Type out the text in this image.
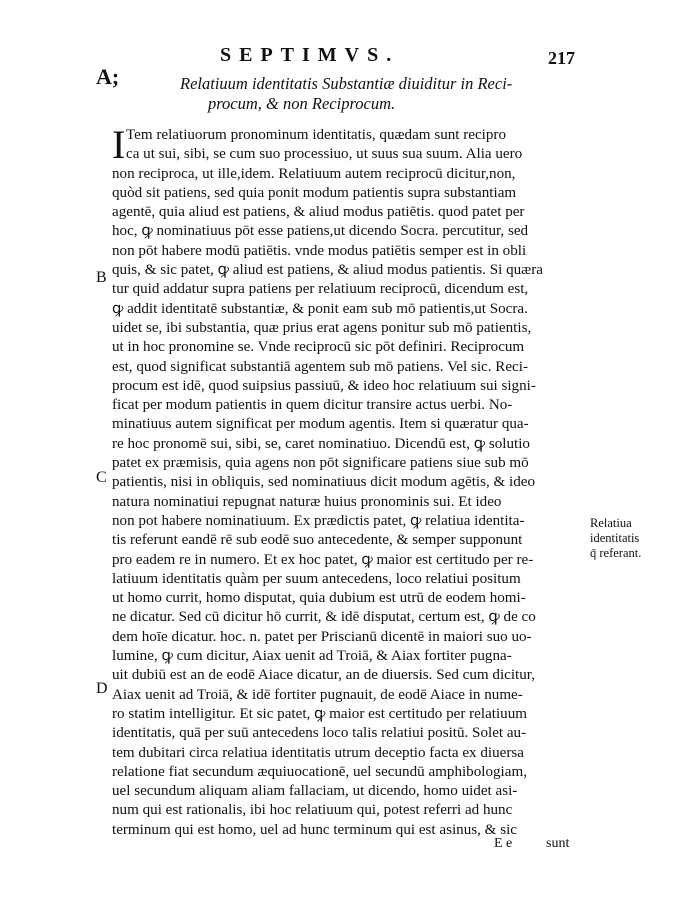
SEPTIMVS.	217
A;	Relatiuum identitatis Substantiæ diuiditur in Reci-
procum, & non Reciprocum.
I Tem relatiuorum pronominum identitatis, quædam sunt recipro
ca ut sui, sibi, se cum suo processiuo, ut suus sua suum. Alia uero
non reciproca, ut ille,idem. Relatiuum autem reciprocū dicitur,non,
quòd sit patiens, sed quia ponit modum patientis supra substantiam
agentē, quia aliud est patiens, & aliud modus patiētis. quod patet per
hoc, ꝙ nominatiuus pōt esse patiens,ut dicendo Socra. percutitur, sed
non pōt habere modū patiētis. vnde modus patiētis semper est in obli
quis, & sic patet, ꝙ aliud est patiens, & aliud modus patientis. Si quæra
tur quid addatur supra patiens per relatiuum reciprocū, dicendum est,
ꝙ addit identitatē substantiæ, & ponit eam sub mō patientis,ut Socra.
uidet se, ibi substantia, quæ prius erat agens ponitur sub mō patientis,
ut in hoc pronomine se. Vnde reciprocū sic pōt definiri. Reciprocum
est, quod significat substantiā agentem sub mō patiens. Vel sic. Reci-
procum est idē, quod suipsius passiuū, & ideo hoc relatiuum sui signi-
ficat per modum patientis in quem dicitur transire actus uerbi. No-
minatiuus autem significat per modum agentis. Item si quæratur qua-
re hoc pronomē sui, sibi, se, caret nominatiuo. Dicendū est, ꝙ solutio
patet ex præmisis, quia agens non pōt significare patiens siue sub mō
patientis, nisi in obliquis, sed nominatiuus dicit modum agētis, & ideo
natura nominatiui repugnat naturæ huius pronominis sui. Et ideo
non pot habere nominatiuum. Ex prædictis patet, ꝙ relatiua identita-
tis referunt eandē rē sub eodē suo antecedente, & semper supponunt
pro eadem re in numero. Et ex hoc patet, ꝙ maior est certitudo per re-
latiuum identitatis quàm per suum antecedens, loco relatiui positum
ut homo currit, homo disputat, quia dubium est utrū de eodem homi-
ne dicatur. Sed cū dicitur hō currit, & idē disputat, certum est, ꝙ de co
dem hoīe dicatur. hoc. n. patet per Priscianū dicentē in maiori suo uo-
lumine, ꝙ cum dicitur, Aiax uenit ad Troiā, & Aiax fortiter pugna-
uit dubiū est an de eodē Aiace dicatur, an de diuersis. Sed cum dicitur,
Aiax uenit ad Troiā, & idē fortiter pugnauit, de eodē Aiace in nume-
ro statim intelligitur. Et sic patet, ꝙ maior est certitudo per relatiuum
identitatis, quā per suū antecedens loco talis relatiui positū. Solet au-
tem dubitari circa relatiua identitatis utrum deceptio facta ex diuersa
relatione fiat secundum æquiuocationē, uel secundū amphibologiam,
uel secundum aliquam aliam fallaciam, ut dicendo, homo uidet asi-
num qui est rationalis, ibi hoc relatiuum qui, potest referri ad hunc
terminum qui est homo, uel ad hunc terminum qui est asinus, & sic
B
C
D
Relatiua
identitatis
q̄ referant.
E e sunt
